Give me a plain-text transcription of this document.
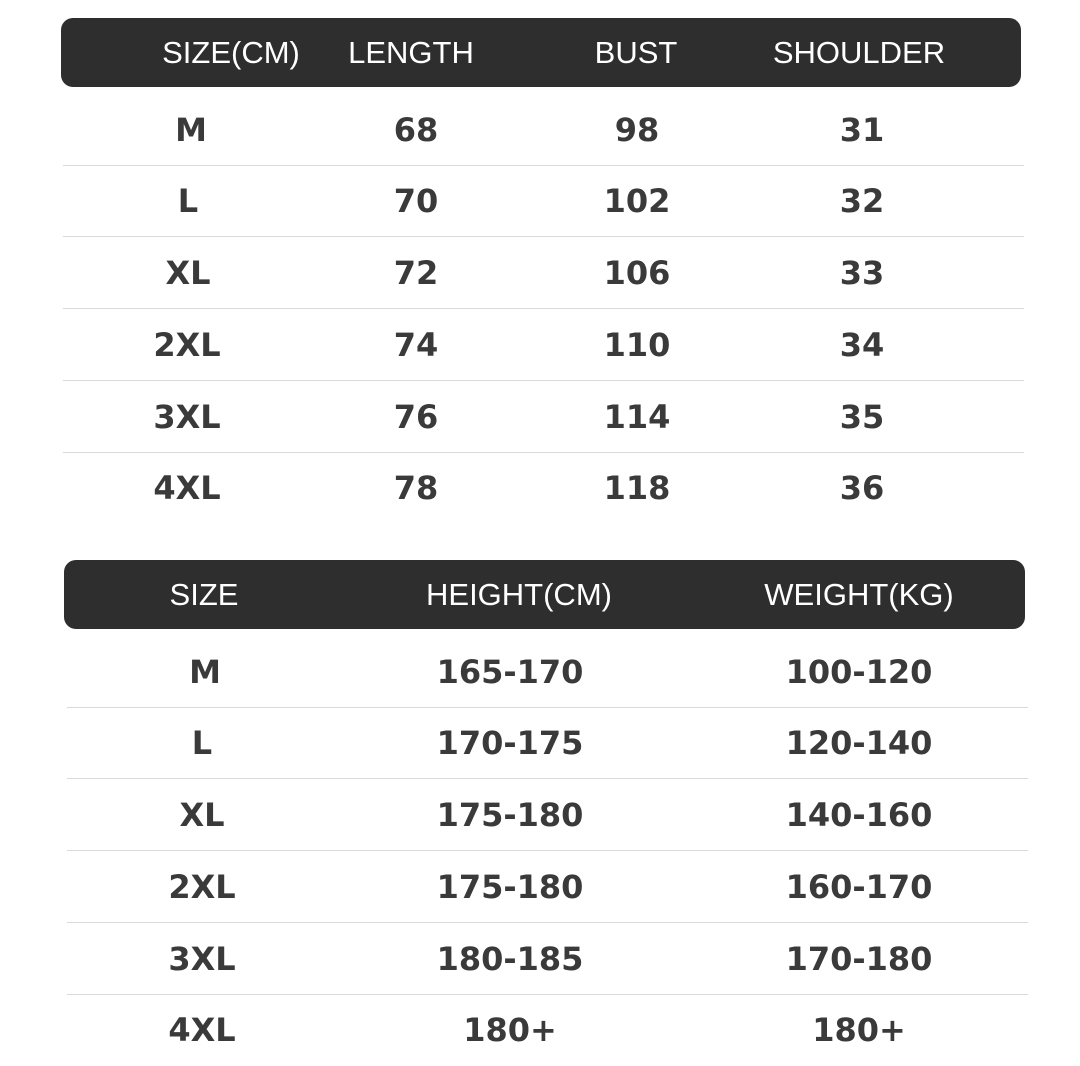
SIZE(CM)	LENGTH	BUST	SHOULDER
M	68	98	31
L	70	102	32
XL	72	106	33
2XL	74	110	34
3XL	76	114	35
4XL	78	118	36
SIZE	HEIGHT(CM)	WEIGHT(KG)
M	165-170	100-120
L	170-175	120-140
XL	175-180	140-160
2XL	175-180	160-170
3XL	180-185	170-180
4XL	180+	180+
